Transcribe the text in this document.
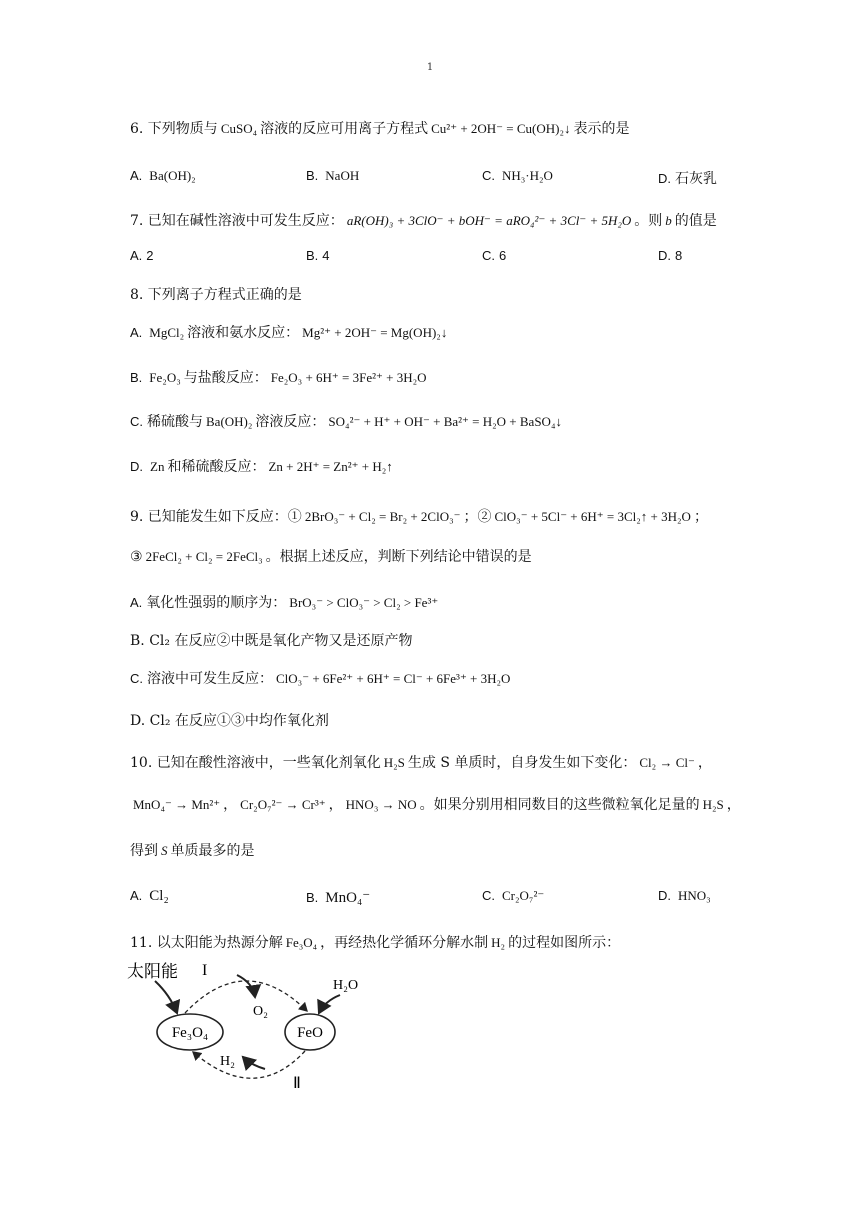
1
6. 下列物质与 CuSO₄ 溶液的反应可用离子方程式 Cu²⁺ + 2OH⁻ = Cu(OH)₂↓ 表示的是
A. Ba(OH)₂	B. NaOH	C. NH₃·H₂O	D. 石灰乳
7. 已知在碱性溶液中可发生反应： aR(OH)₃ + 3ClO⁻ + bOH⁻ = aRO₄²⁻ + 3Cl⁻ + 5H₂O 。则 b 的值是
A. 2	B. 4	C. 6	D. 8
8. 下列离子方程式正确的是
A. MgCl₂ 溶液和氨水反应： Mg²⁺ + 2OH⁻ = Mg(OH)₂↓
B. Fe₂O₃ 与盐酸反应： Fe₂O₃ + 6H⁺ = 3Fe²⁺ + 3H₂O
C. 稀硫酸与 Ba(OH)₂ 溶液反应： SO₄²⁻ + H⁺ + OH⁻ + Ba²⁺ = H₂O + BaSO₄↓
D. Zn 和稀硫酸反应： Zn + 2H⁺ = Zn²⁺ + H₂↑
9. 已知能发生如下反应：① 2BrO₃⁻ + Cl₂ = Br₂ + 2ClO₃⁻ ；② ClO₃⁻ + 5Cl⁻ + 6H⁺ = 3Cl₂↑ + 3H₂O ；
③ 2FeCl₂ + Cl₂ = 2FeCl₃ 。根据上述反应，判断下列结论中错误的是
A. 氧化性强弱的顺序为： BrO₃⁻ > ClO₃⁻ > Cl₂ > Fe³⁺
B. Cl₂ 在反应②中既是氧化产物又是还原产物
C. 溶液中可发生反应： ClO₃⁻ + 6Fe²⁺ + 6H⁺ = Cl⁻ + 6Fe³⁺ + 3H₂O
D. Cl₂ 在反应①③中均作氧化剂
10. 已知在酸性溶液中，一些氧化剂氧化 H₂S 生成 S 单质时，自身发生如下变化： Cl₂ → Cl⁻ ，
MnO₄⁻ → Mn²⁺ ， Cr₂O₇²⁻ → Cr³⁺ ， HNO₃ → NO 。如果分别用相同数目的这些微粒氧化足量的 H₂S ，
得到 S 单质最多的是
A. Cl₂	B. MnO₄⁻	C. Cr₂O₇²⁻	D. HNO₃
11. 以太阳能为热源分解 Fe₃O₄ ，再经热化学循环分解水制 H₂ 的过程如图所示：
太阳能
Fe₃O₄	FeO
I
O₂
H₂O
H₂
Ⅱ
